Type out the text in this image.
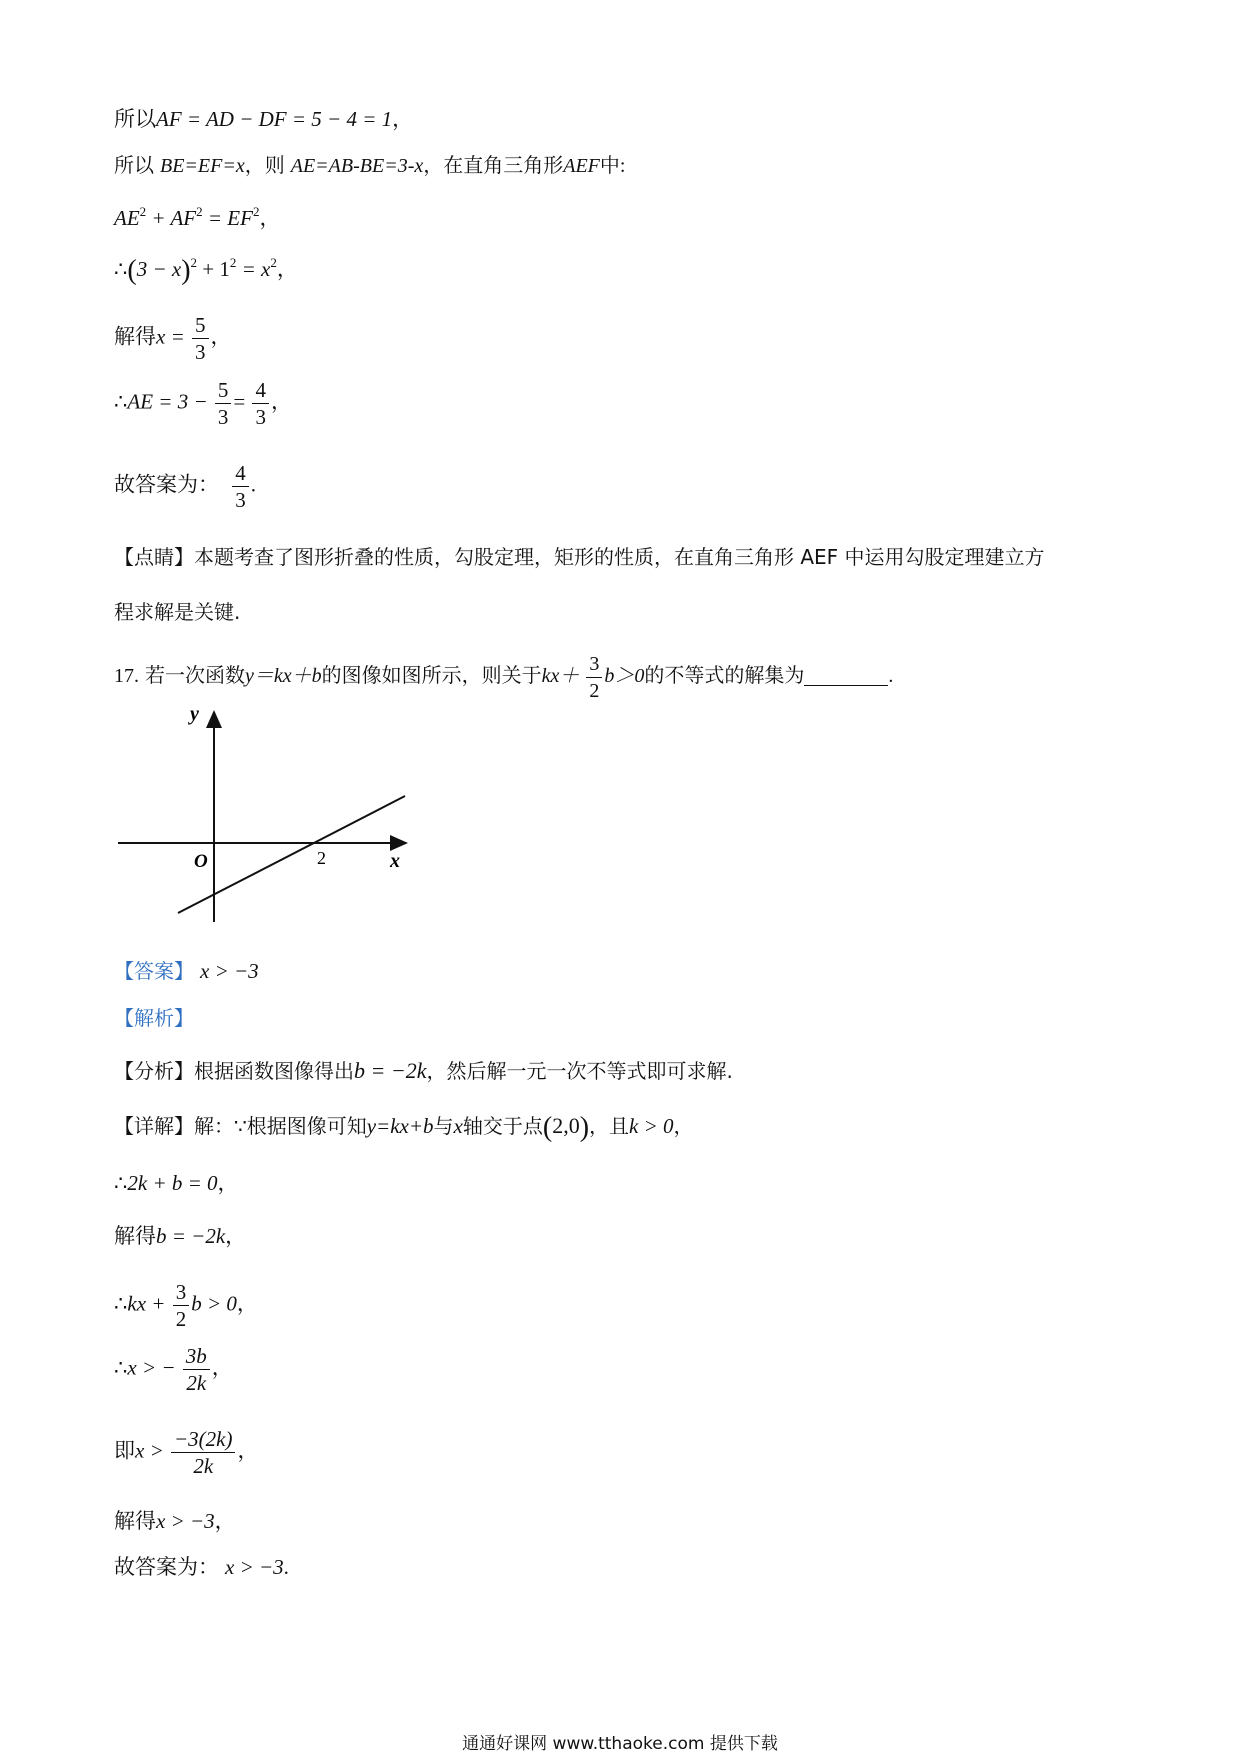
所以AF = AD − DF = 5 − 4 = 1，
所以 BE=EF=x，则 AE=AB-BE=3-x，在直角三角形AEF中:
$AE^2 + AF^2 = EF^2$，
∴(3 − $x)^2 + 1^2 = x^2$，
解得$x = \frac{5}{3}$ ，
∴AE = $3 - \frac{5}{3} = \frac{4}{3}$ ，
故答案为： $\frac{4}{3}$ .
【点睛】本题考查了图形折叠的性质，勾股定理，矩形的性质，在直角三角形 AEF 中运用勾股定理建立方
程求解是关键.
17. 若一次函数y＝kx＋b的图像如图所示，则关于$kx+ \frac{3}{2} b>0$的不等式的解集为	.
y
x
O	2
【答案】 x > −3
【解析】
【分析】根据函数图像得出b = −2k，然后解一元一次不等式即可求解.
【详解】解：∵根据图像可知y=kx+b与x轴交于点(2,0)，且k > 0，
∴2k + b = 0，
解得b = −2k，
∴kx + $\frac{3}{2}$ b > 0，
∴x > − $\frac{3b}{2k}$ ，
即$x > \frac{-3(2k)}{2k}$ ，
解得x > −3，
故答案为： x > −3.
通通好课网 www.tthaoke.com 提供下载
